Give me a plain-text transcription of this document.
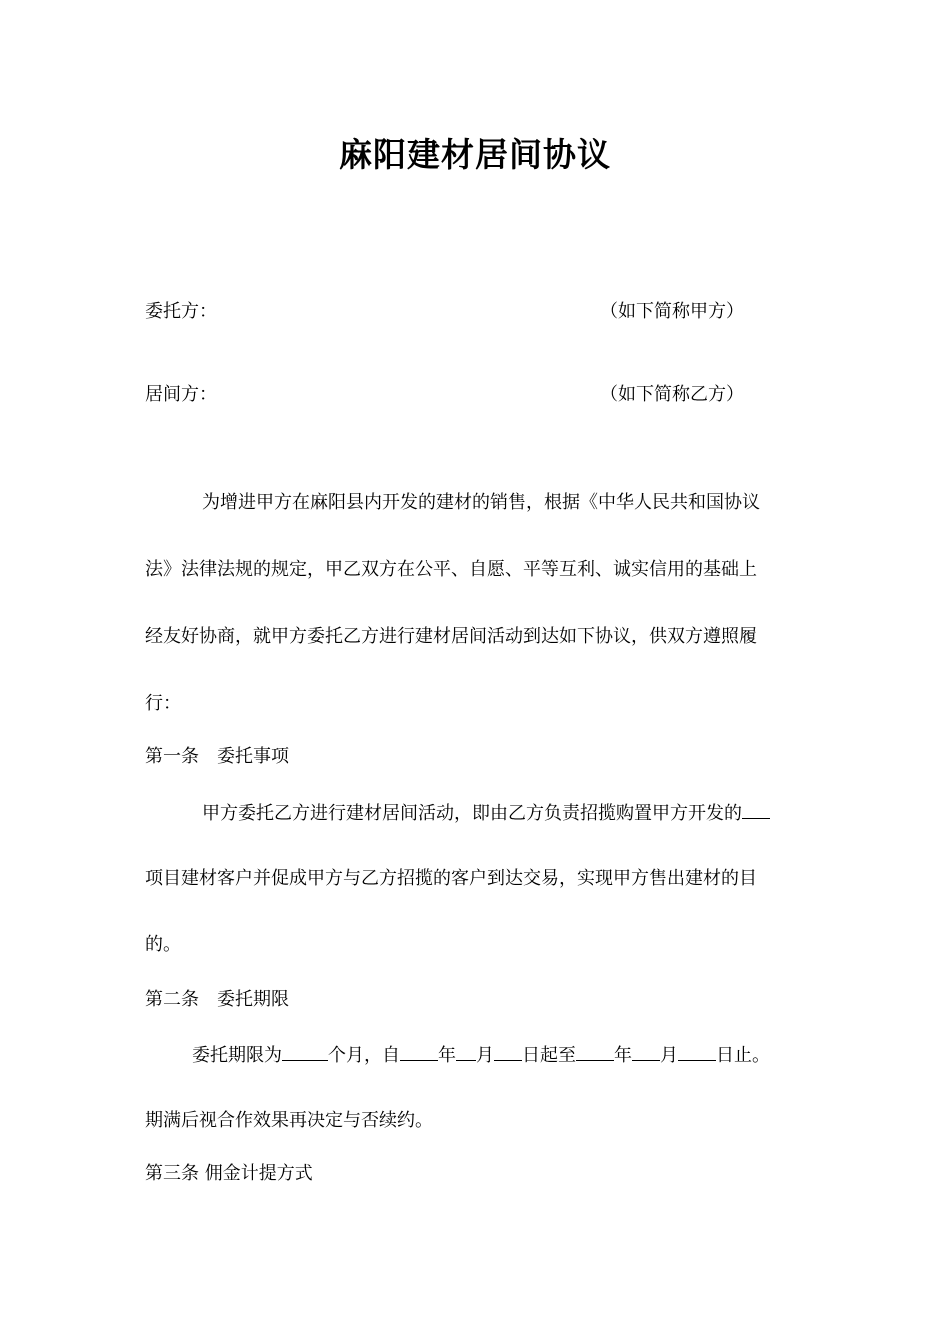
麻阳建材居间协议
委托方：	（如下简称甲方）
居间方：	（如下简称乙方）
为增进甲方在麻阳县内开发的建材的销售，根据《中华人民共和国协议
法》法律法规的规定，甲乙双方在公平、自愿、平等互利、诚实信用的基础上
经友好协商，就甲方委托乙方进行建材居间活动到达如下协议，供双方遵照履
行：
第一条　委托事项
甲方委托乙方进行建材居间活动，即由乙方负责招揽购置甲方开发的
项目建材客户并促成甲方与乙方招揽的客户到达交易，实现甲方售出建材的目
的。
第二条　委托期限
委托期限为	个月，自 年 月 日起至 年 月 日止。
期满后视合作效果再决定与否续约。
第三条 佣金计提方式
